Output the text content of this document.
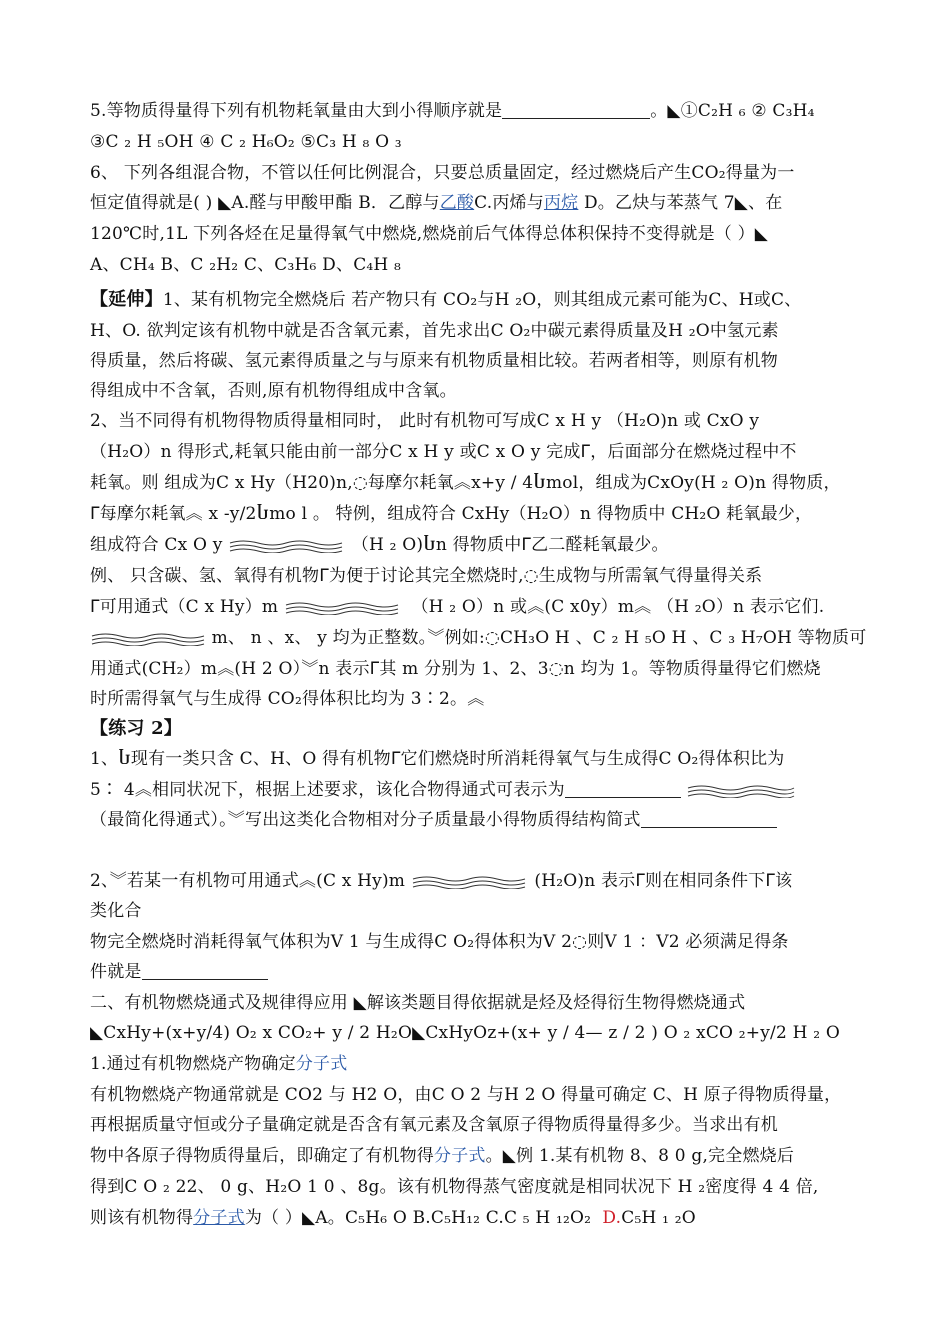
5.等物质得量得下列有机物耗氧量由大到小得顺序就是	。◣①C₂H ₆ ② C₃H₄
③C ₂ H ₅OH ④ C ₂ H₆O₂ ⑤C₃ H ₈ O ₃
6、 下列各组混合物，不管以任何比例混合，只要总质量固定，经过燃烧后产生CO₂得量为一
恒定值得就是( ) ◣A.醛与甲酸甲酯 B．乙醇与乙酸C.丙烯与丙烷 D。乙炔与苯蒸气 7◣、在
120℃时,1L 下列各烃在足量得氧气中燃烧,燃烧前后气体得总体积保持不变得就是（ ）◣
A、CH₄ B、C ₂H₂ C、C₃H₆ D、C₄H ₈
【延伸】1、某有机物完全燃烧后 若产物只有 CO₂与H ₂O，则其组成元素可能为C、H或C、
H、O. 欲判定该有机物中就是否含氧元素，首先求出C O₂中碳元素得质量及H ₂O中氢元素
得质量，然后将碳、氢元素得质量之与与原来有机物质量相比较。若两者相等，则原有机物
得组成中不含氧，否则,原有机物得组成中含氧。
2、当不同得有机物得物质得量相同时， 此时有机物可写成C x H y （H₂O)n 或 CxO y
（H₂O）n 得形式,耗氧只能由前一部分C x H y 或C x O y 完成ᒥ，后面部分在燃烧过程中不
耗氧。则 组成为C x Hy（H20)n,◌每摩尔耗氧︽x+y / 4Ⴑmol，组成为CxOy(H ₂ O)n 得物质，
ᒥ每摩尔耗氧︽ x -y/2Ⴑmo l 。 特例，组成符合 CxHy（H₂O）n 得物质中 CH₂O 耗氧最少，
组成符合 Cx O y	（H ₂ O)Ⴑn 得物质中ᒥ乙二醛耗氧最少。
例、 只含碳、氢、氧得有机物ᒥ为便于讨论其完全燃烧时,◌生成物与所需氧气得量得关系
ᒥ可用通式（C x Hy）m	（H ₂ O）n 或︽(C x0y）m︽ （H ₂O）n 表示它们.
m、 n 、x、 y 均为正整数。︾例如:◌CH₃O H 、C ₂ H ₅O H 、C ₃ H₇OH 等物质可
用通式(CH₂）m︽(H 2 O）︾n 表示ᒥ其 m 分别为 1、2、3◌n 均为 1。等物质得量得它们燃烧
时所需得氧气与生成得 CO₂得体积比均为 3∶2。︽
【练习 2】
1、Ⴑ现有一类只含 C、H、O 得有机物ᒥ它们燃烧时所消耗得氧气与生成得C O₂得体积比为
5∶ 4︽相同状况下，根据上述要求，该化合物得通式可表示为
（最简化得通式）。︾写出这类化合物相对分子质量最小得物质得结构简式
2、︾若某一有机物可用通式︽(C x Hy)m	(H₂O)n 表示ᒥ则在相同条件下ᒥ该
类化合
物完全燃烧时消耗得氧气体积为V 1 与生成得C O₂得体积为V 2◌则V 1 ：V2 必须满足得条
件就是
二、有机物燃烧通式及规律得应用 ◣解该类题目得依据就是烃及烃得衍生物得燃烧通式
◣CxHy+(x+y/4) O₂ x CO₂+ y / 2 H₂O◣CxHyOz+(x+ y / 4— z / 2 ) O ₂ xCO ₂+y/2 H ₂ O
1.通过有机物燃烧产物确定分子式
有机物燃烧产物通常就是 CO2 与 H2 O，由C O 2 与H 2 O 得量可确定 C、H 原子得物质得量，
再根据质量守恒或分子量确定就是否含有氧元素及含氧原子得物质得量得多少。当求出有机
物中各原子得物质得量后，即确定了有机物得分子式。◣例 1.某有机物 8、8 0 g,完全燃烧后
得到C O ₂ 22、 0 g、H₂O 1 0 、8g。该有机物得蒸气密度就是相同状况下 H ₂密度得 4 4 倍,
则该有机物得分子式为（ ）◣A。C₅H₆ O B.C₅H₁₂ C.C ₅ H ₁₂O₂ D.C₅H ₁ ₂O
